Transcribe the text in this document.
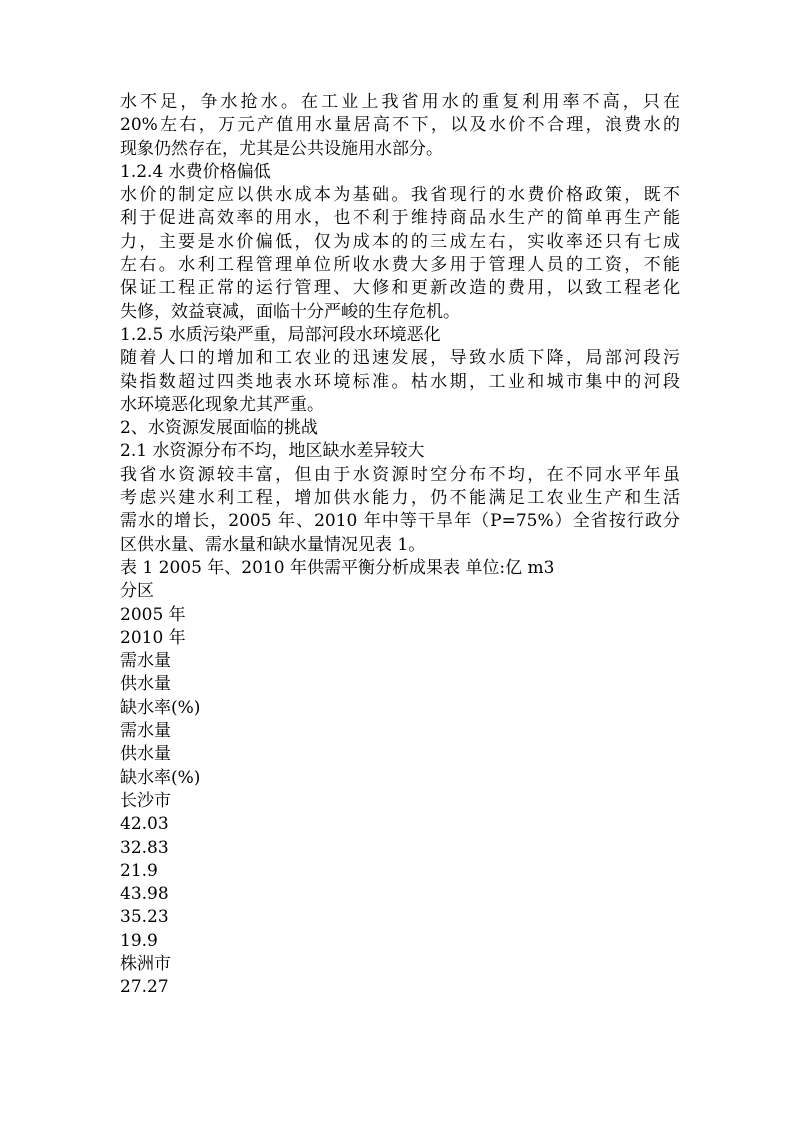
水不足，争水抢水。在工业上我省用水的重复利用率不高，只在
20%左右，万元产值用水量居高不下，以及水价不合理，浪费水的
现象仍然存在，尤其是公共设施用水部分。
1.2.4 水费价格偏低
水价的制定应以供水成本为基础。我省现行的水费价格政策，既不
利于促进高效率的用水，也不利于维持商品水生产的简单再生产能
力，主要是水价偏低，仅为成本的的三成左右，实收率还只有七成
左右。水利工程管理单位所收水费大多用于管理人员的工资，不能
保证工程正常的运行管理、大修和更新改造的费用，以致工程老化
失修，效益衰减，面临十分严峻的生存危机。
1.2.5 水质污染严重，局部河段水环境恶化
随着人口的增加和工农业的迅速发展，导致水质下降，局部河段污
染指数超过四类地表水环境标准。枯水期，工业和城市集中的河段
水环境恶化现象尤其严重。
2、水资源发展面临的挑战
2.1 水资源分布不均，地区缺水差异较大
我省水资源较丰富，但由于水资源时空分布不均，在不同水平年虽
考虑兴建水利工程，增加供水能力，仍不能满足工农业生产和生活
需水的增长，2005 年、2010 年中等干旱年（P=75%）全省按行政分
区供水量、需水量和缺水量情况见表 1。
表 1 2005 年、2010 年供需平衡分析成果表 单位:亿 m3
分区
2005 年
2010 年
需水量
供水量
缺水率(%)
需水量
供水量
缺水率(%)
长沙市
42.03
32.83
21.9
43.98
35.23
19.9
株洲市
27.27
